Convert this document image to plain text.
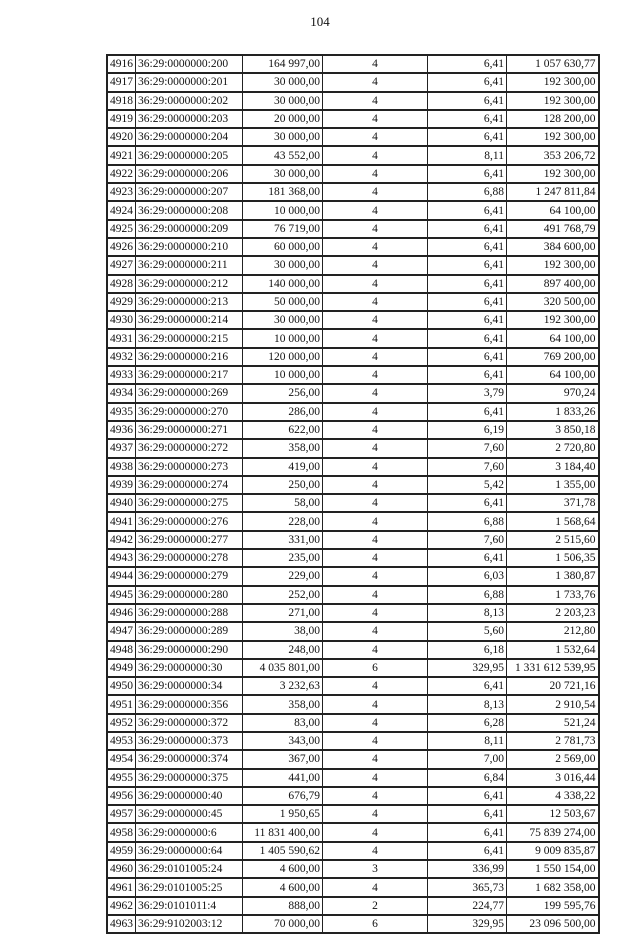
104
4916	36:29:0000000:200	164 997,00	4	6,41	1 057 630,77
4917	36:29:0000000:201	30 000,00	4	6,41	192 300,00
4918	36:29:0000000:202	30 000,00	4	6,41	192 300,00
4919	36:29:0000000:203	20 000,00	4	6,41	128 200,00
4920	36:29:0000000:204	30 000,00	4	6,41	192 300,00
4921	36:29:0000000:205	43 552,00	4	8,11	353 206,72
4922	36:29:0000000:206	30 000,00	4	6,41	192 300,00
4923	36:29:0000000:207	181 368,00	4	6,88	1 247 811,84
4924	36:29:0000000:208	10 000,00	4	6,41	64 100,00
4925	36:29:0000000:209	76 719,00	4	6,41	491 768,79
4926	36:29:0000000:210	60 000,00	4	6,41	384 600,00
4927	36:29:0000000:211	30 000,00	4	6,41	192 300,00
4928	36:29:0000000:212	140 000,00	4	6,41	897 400,00
4929	36:29:0000000:213	50 000,00	4	6,41	320 500,00
4930	36:29:0000000:214	30 000,00	4	6,41	192 300,00
4931	36:29:0000000:215	10 000,00	4	6,41	64 100,00
4932	36:29:0000000:216	120 000,00	4	6,41	769 200,00
4933	36:29:0000000:217	10 000,00	4	6,41	64 100,00
4934	36:29:0000000:269	256,00	4	3,79	970,24
4935	36:29:0000000:270	286,00	4	6,41	1 833,26
4936	36:29:0000000:271	622,00	4	6,19	3 850,18
4937	36:29:0000000:272	358,00	4	7,60	2 720,80
4938	36:29:0000000:273	419,00	4	7,60	3 184,40
4939	36:29:0000000:274	250,00	4	5,42	1 355,00
4940	36:29:0000000:275	58,00	4	6,41	371,78
4941	36:29:0000000:276	228,00	4	6,88	1 568,64
4942	36:29:0000000:277	331,00	4	7,60	2 515,60
4943	36:29:0000000:278	235,00	4	6,41	1 506,35
4944	36:29:0000000:279	229,00	4	6,03	1 380,87
4945	36:29:0000000:280	252,00	4	6,88	1 733,76
4946	36:29:0000000:288	271,00	4	8,13	2 203,23
4947	36:29:0000000:289	38,00	4	5,60	212,80
4948	36:29:0000000:290	248,00	4	6,18	1 532,64
4949	36:29:0000000:30	4 035 801,00	6	329,95	1 331 612 539,95
4950	36:29:0000000:34	3 232,63	4	6,41	20 721,16
4951	36:29:0000000:356	358,00	4	8,13	2 910,54
4952	36:29:0000000:372	83,00	4	6,28	521,24
4953	36:29:0000000:373	343,00	4	8,11	2 781,73
4954	36:29:0000000:374	367,00	4	7,00	2 569,00
4955	36:29:0000000:375	441,00	4	6,84	3 016,44
4956	36:29:0000000:40	676,79	4	6,41	4 338,22
4957	36:29:0000000:45	1 950,65	4	6,41	12 503,67
4958	36:29:0000000:6	11 831 400,00	4	6,41	75 839 274,00
4959	36:29:0000000:64	1 405 590,62	4	6,41	9 009 835,87
4960	36:29:0101005:24	4 600,00	3	336,99	1 550 154,00
4961	36:29:0101005:25	4 600,00	4	365,73	1 682 358,00
4962	36:29:0101011:4	888,00	2	224,77	199 595,76
4963	36:29:9102003:12	70 000,00	6	329,95	23 096 500,00
